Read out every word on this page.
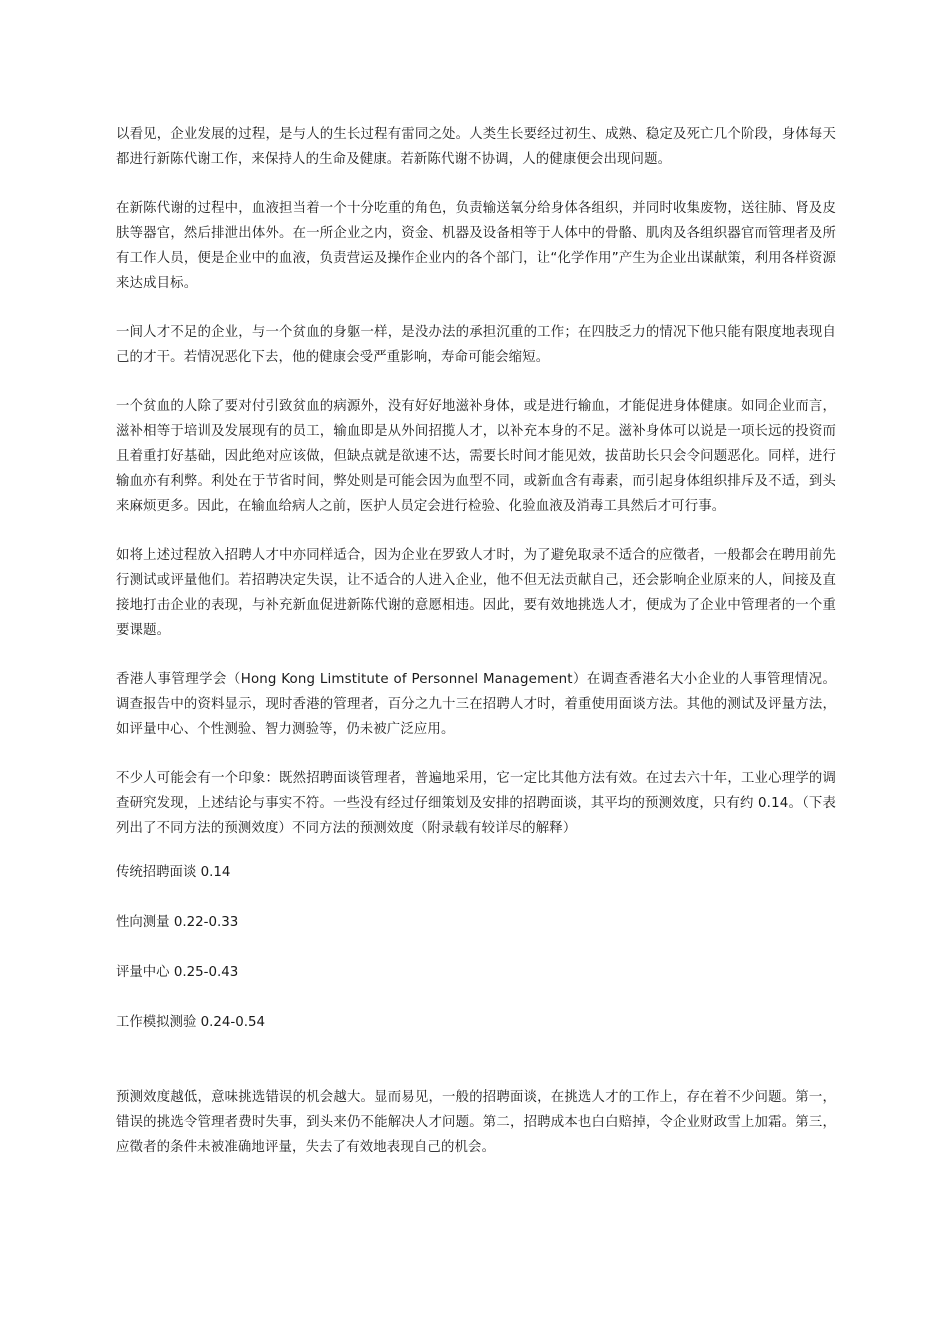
以看见，企业发展的过程，是与人的生长过程有雷同之处。人类生长要经过初生、成熟、稳定及死亡几个阶段，身体每天都进行新陈代谢工作，来保持人的生命及健康。若新陈代谢不协调，人的健康便会出现问题。

在新陈代谢的过程中，血液担当着一个十分吃重的角色，负责输送氧分给身体各组织，并同时收集废物，送往肺、肾及皮肤等器官，然后排泄出体外。在一所企业之内，资金、机器及设备相等于人体中的骨骼、肌肉及各组织器官而管理者及所有工作人员，便是企业中的血液，负责营运及操作企业内的各个部门，让“化学作用”产生为企业出谋献策，利用各样资源来达成目标。

一间人才不足的企业，与一个贫血的身躯一样，是没办法的承担沉重的工作；在四肢乏力的情况下他只能有限度地表现自己的才干。若情况恶化下去，他的健康会受严重影响，寿命可能会缩短。

一个贫血的人除了要对付引致贫血的病源外，没有好好地滋补身体，或是进行输血，才能促进身体健康。如同企业而言，滋补相等于培训及发展现有的员工，输血即是从外间招揽人才，以补充本身的不足。滋补身体可以说是一项长远的投资而且着重打好基础，因此绝对应该做，但缺点就是欲速不达，需要长时间才能见效，拔苗助长只会令问题恶化。同样，进行输血亦有利弊。利处在于节省时间，弊处则是可能会因为血型不同，或新血含有毒素，而引起身体组织排斥及不适，到头来麻烦更多。因此，在输血给病人之前，医护人员定会进行检验、化验血液及消毒工具然后才可行事。

如将上述过程放入招聘人才中亦同样适合，因为企业在罗致人才时，为了避免取录不适合的应徵者，一般都会在聘用前先行测试或评量他们。若招聘决定失误，让不适合的人进入企业，他不但无法贡献自己，还会影响企业原来的人，间接及直接地打击企业的表现，与补充新血促进新陈代谢的意愿相违。因此，要有效地挑选人才，便成为了企业中管理者的一个重要课题。

香港人事管理学会（Hong Kong Limstitute of Personnel Management）在调查香港名大小企业的人事管理情况。调查报告中的资料显示，现时香港的管理者，百分之九十三在招聘人才时，着重使用面谈方法。其他的测试及评量方法，如评量中心、个性测验、智力测验等，仍未被广泛应用。

不少人可能会有一个印象：既然招聘面谈管理者，普遍地采用，它一定比其他方法有效。在过去六十年，工业心理学的调查研究发现，上述结论与事实不符。一些没有经过仔细策划及安排的招聘面谈，其平均的预测效度，只有约 0.14。（下表列出了不同方法的预测效度）不同方法的预测效度（附录载有较详尽的解释）

传统招聘面谈 0.14
性向测量 0.22-0.33
评量中心 0.25-0.43
工作模拟测验 0.24-0.54

预测效度越低，意味挑选错误的机会越大。显而易见，一般的招聘面谈，在挑选人才的工作上，存在着不少问题。第一，错误的挑选令管理者费时失事，到头来仍不能解决人才问题。第二，招聘成本也白白赔掉，令企业财政雪上加霜。第三，应徵者的条件未被准确地评量，失去了有效地表现自己的机会。
